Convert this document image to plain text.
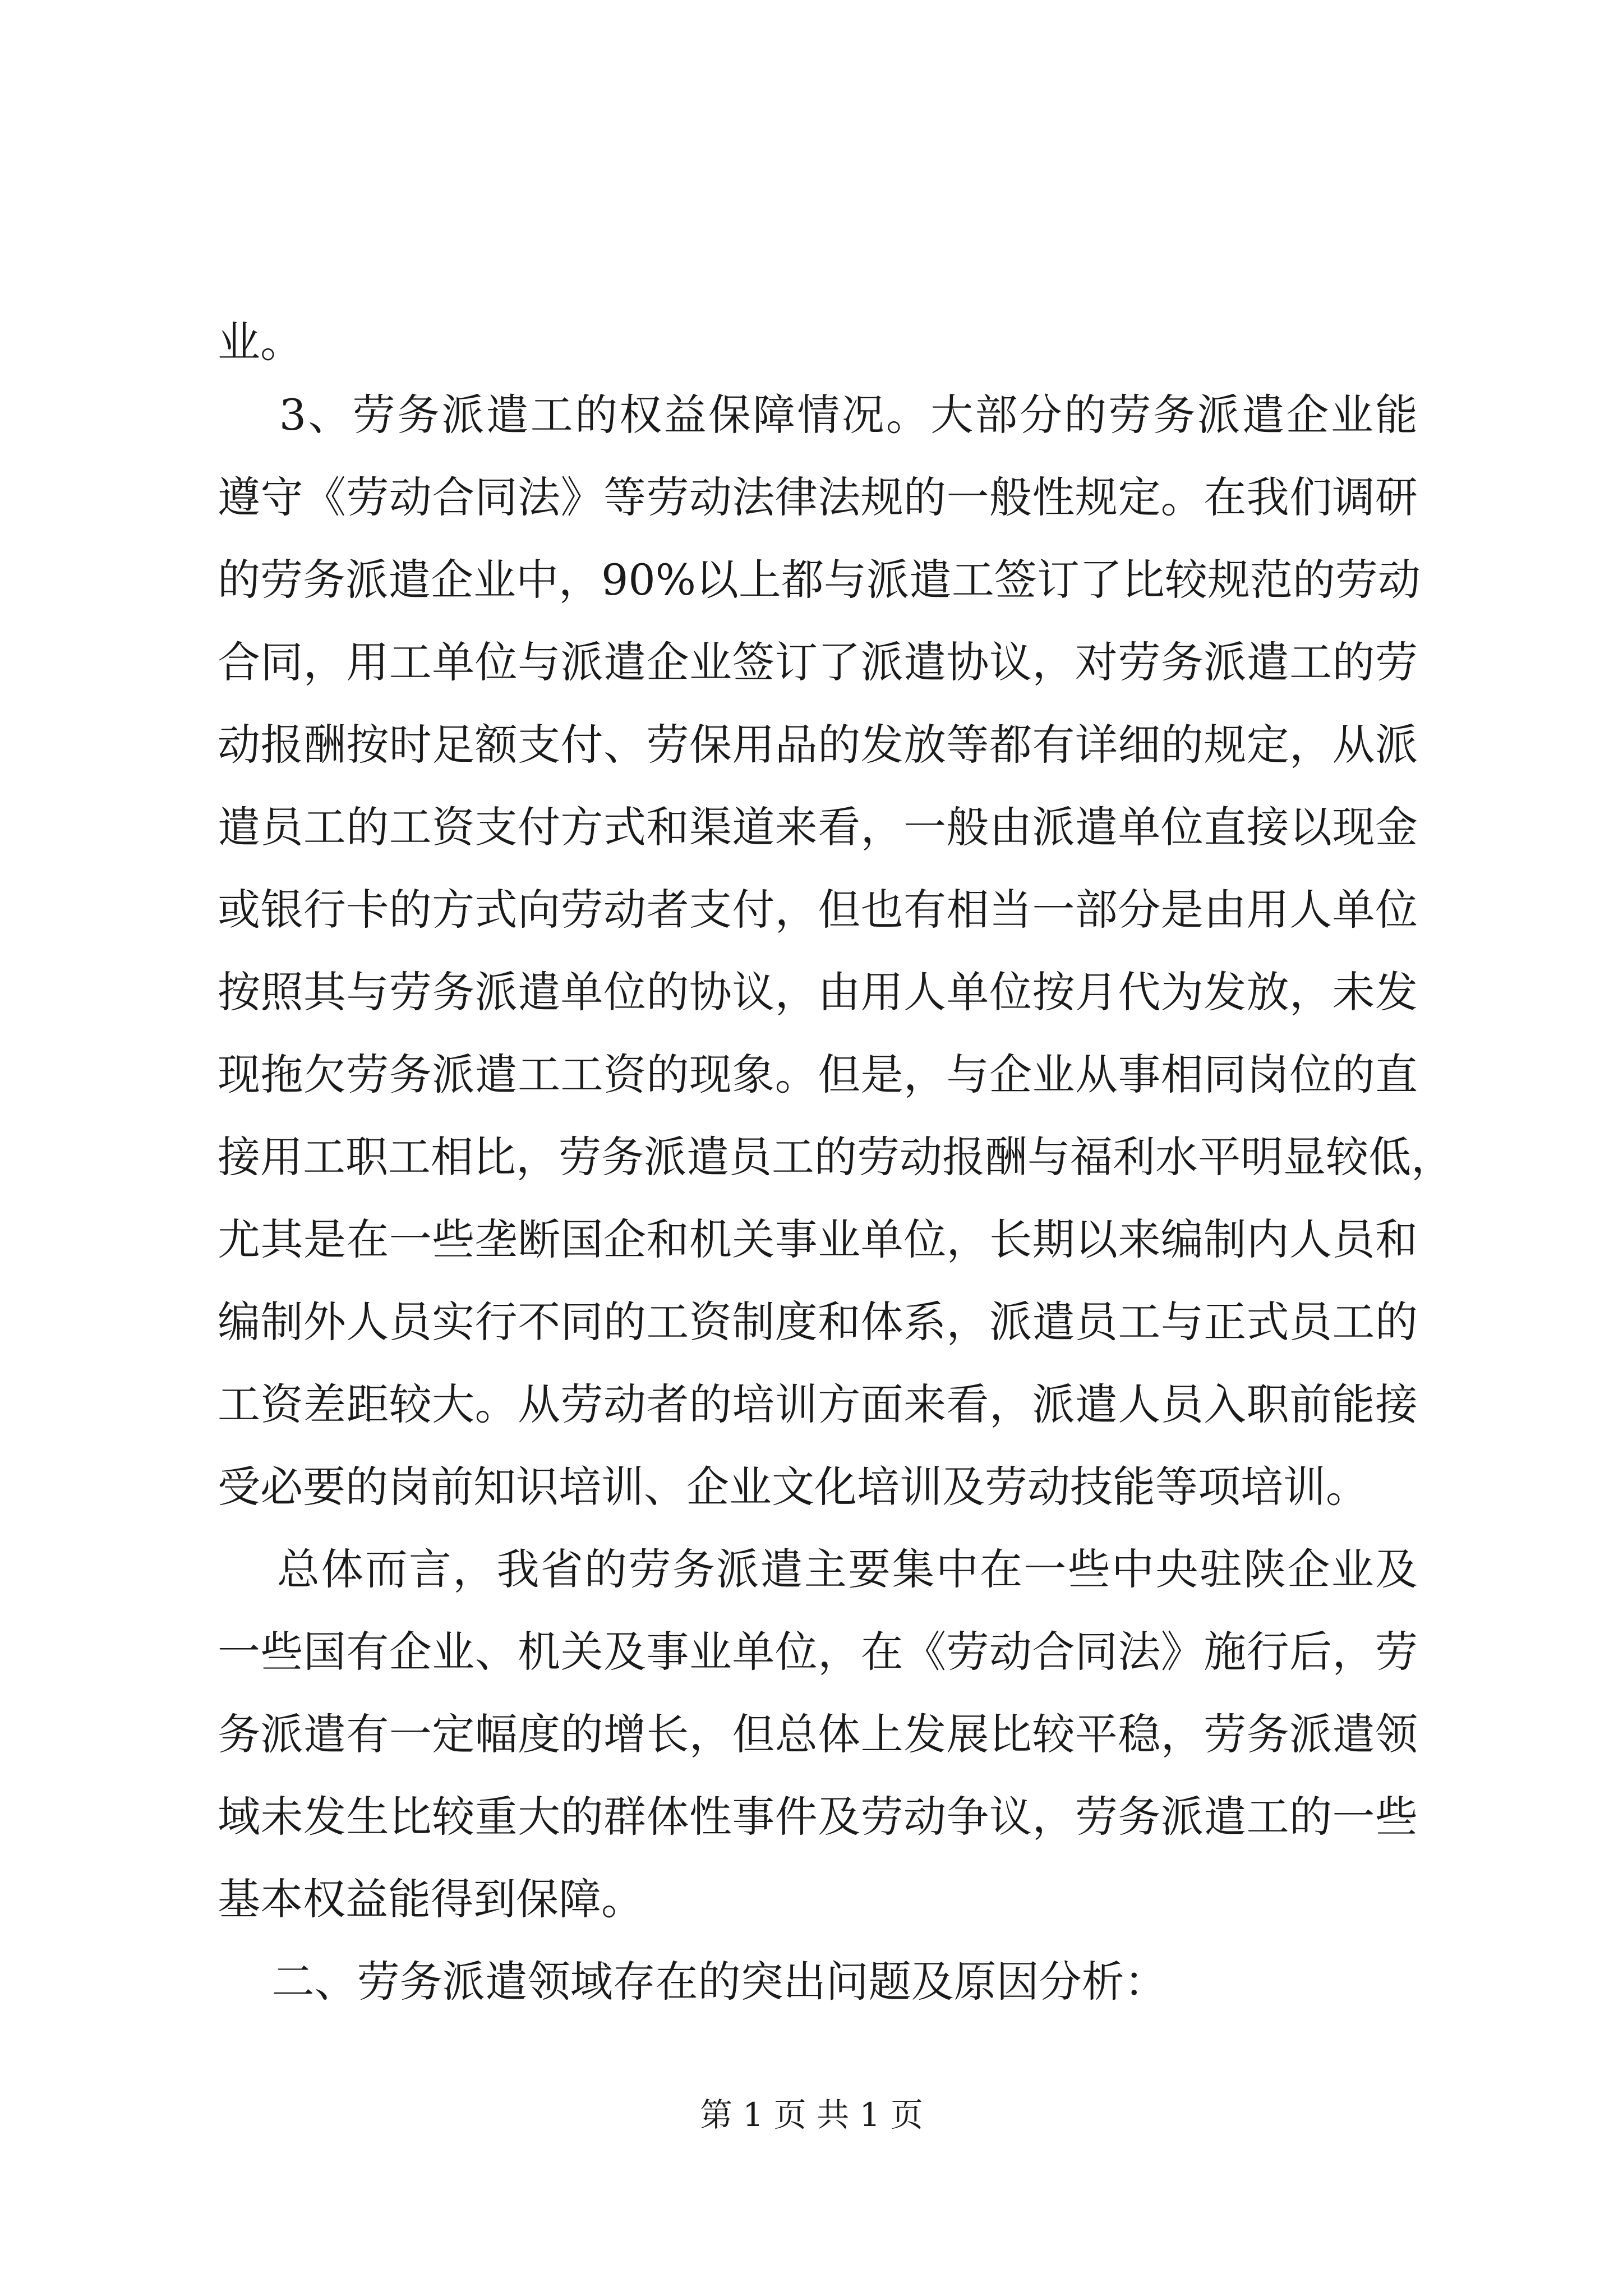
业。
3、劳务派遣工的权益保障情况。大部分的劳务派遣企业能
遵守《劳动合同法》等劳动法律法规的一般性规定。在我们调研
的劳务派遣企业中，90%以上都与派遣工签订了比较规范的劳动
合同，用工单位与派遣企业签订了派遣协议，对劳务派遣工的劳
动报酬按时足额支付、劳保用品的发放等都有详细的规定，从派
遣员工的工资支付方式和渠道来看，一般由派遣单位直接以现金
或银行卡的方式向劳动者支付，但也有相当一部分是由用人单位
按照其与劳务派遣单位的协议，由用人单位按月代为发放，未发
现拖欠劳务派遣工工资的现象。但是，与企业从事相同岗位的直
接用工职工相比，劳务派遣员工的劳动报酬与福利水平明显较低，
尤其是在一些垄断国企和机关事业单位，长期以来编制内人员和
编制外人员实行不同的工资制度和体系，派遣员工与正式员工的
工资差距较大。从劳动者的培训方面来看，派遣人员入职前能接
受必要的岗前知识培训、企业文化培训及劳动技能等项培训。
总体而言，我省的劳务派遣主要集中在一些中央驻陕企业及
一些国有企业、机关及事业单位，在《劳动合同法》施行后，劳
务派遣有一定幅度的增长，但总体上发展比较平稳，劳务派遣领
域未发生比较重大的群体性事件及劳动争议，劳务派遣工的一些
基本权益能得到保障。
二、劳务派遣领域存在的突出问题及原因分析：
第 1 页 共 1 页
